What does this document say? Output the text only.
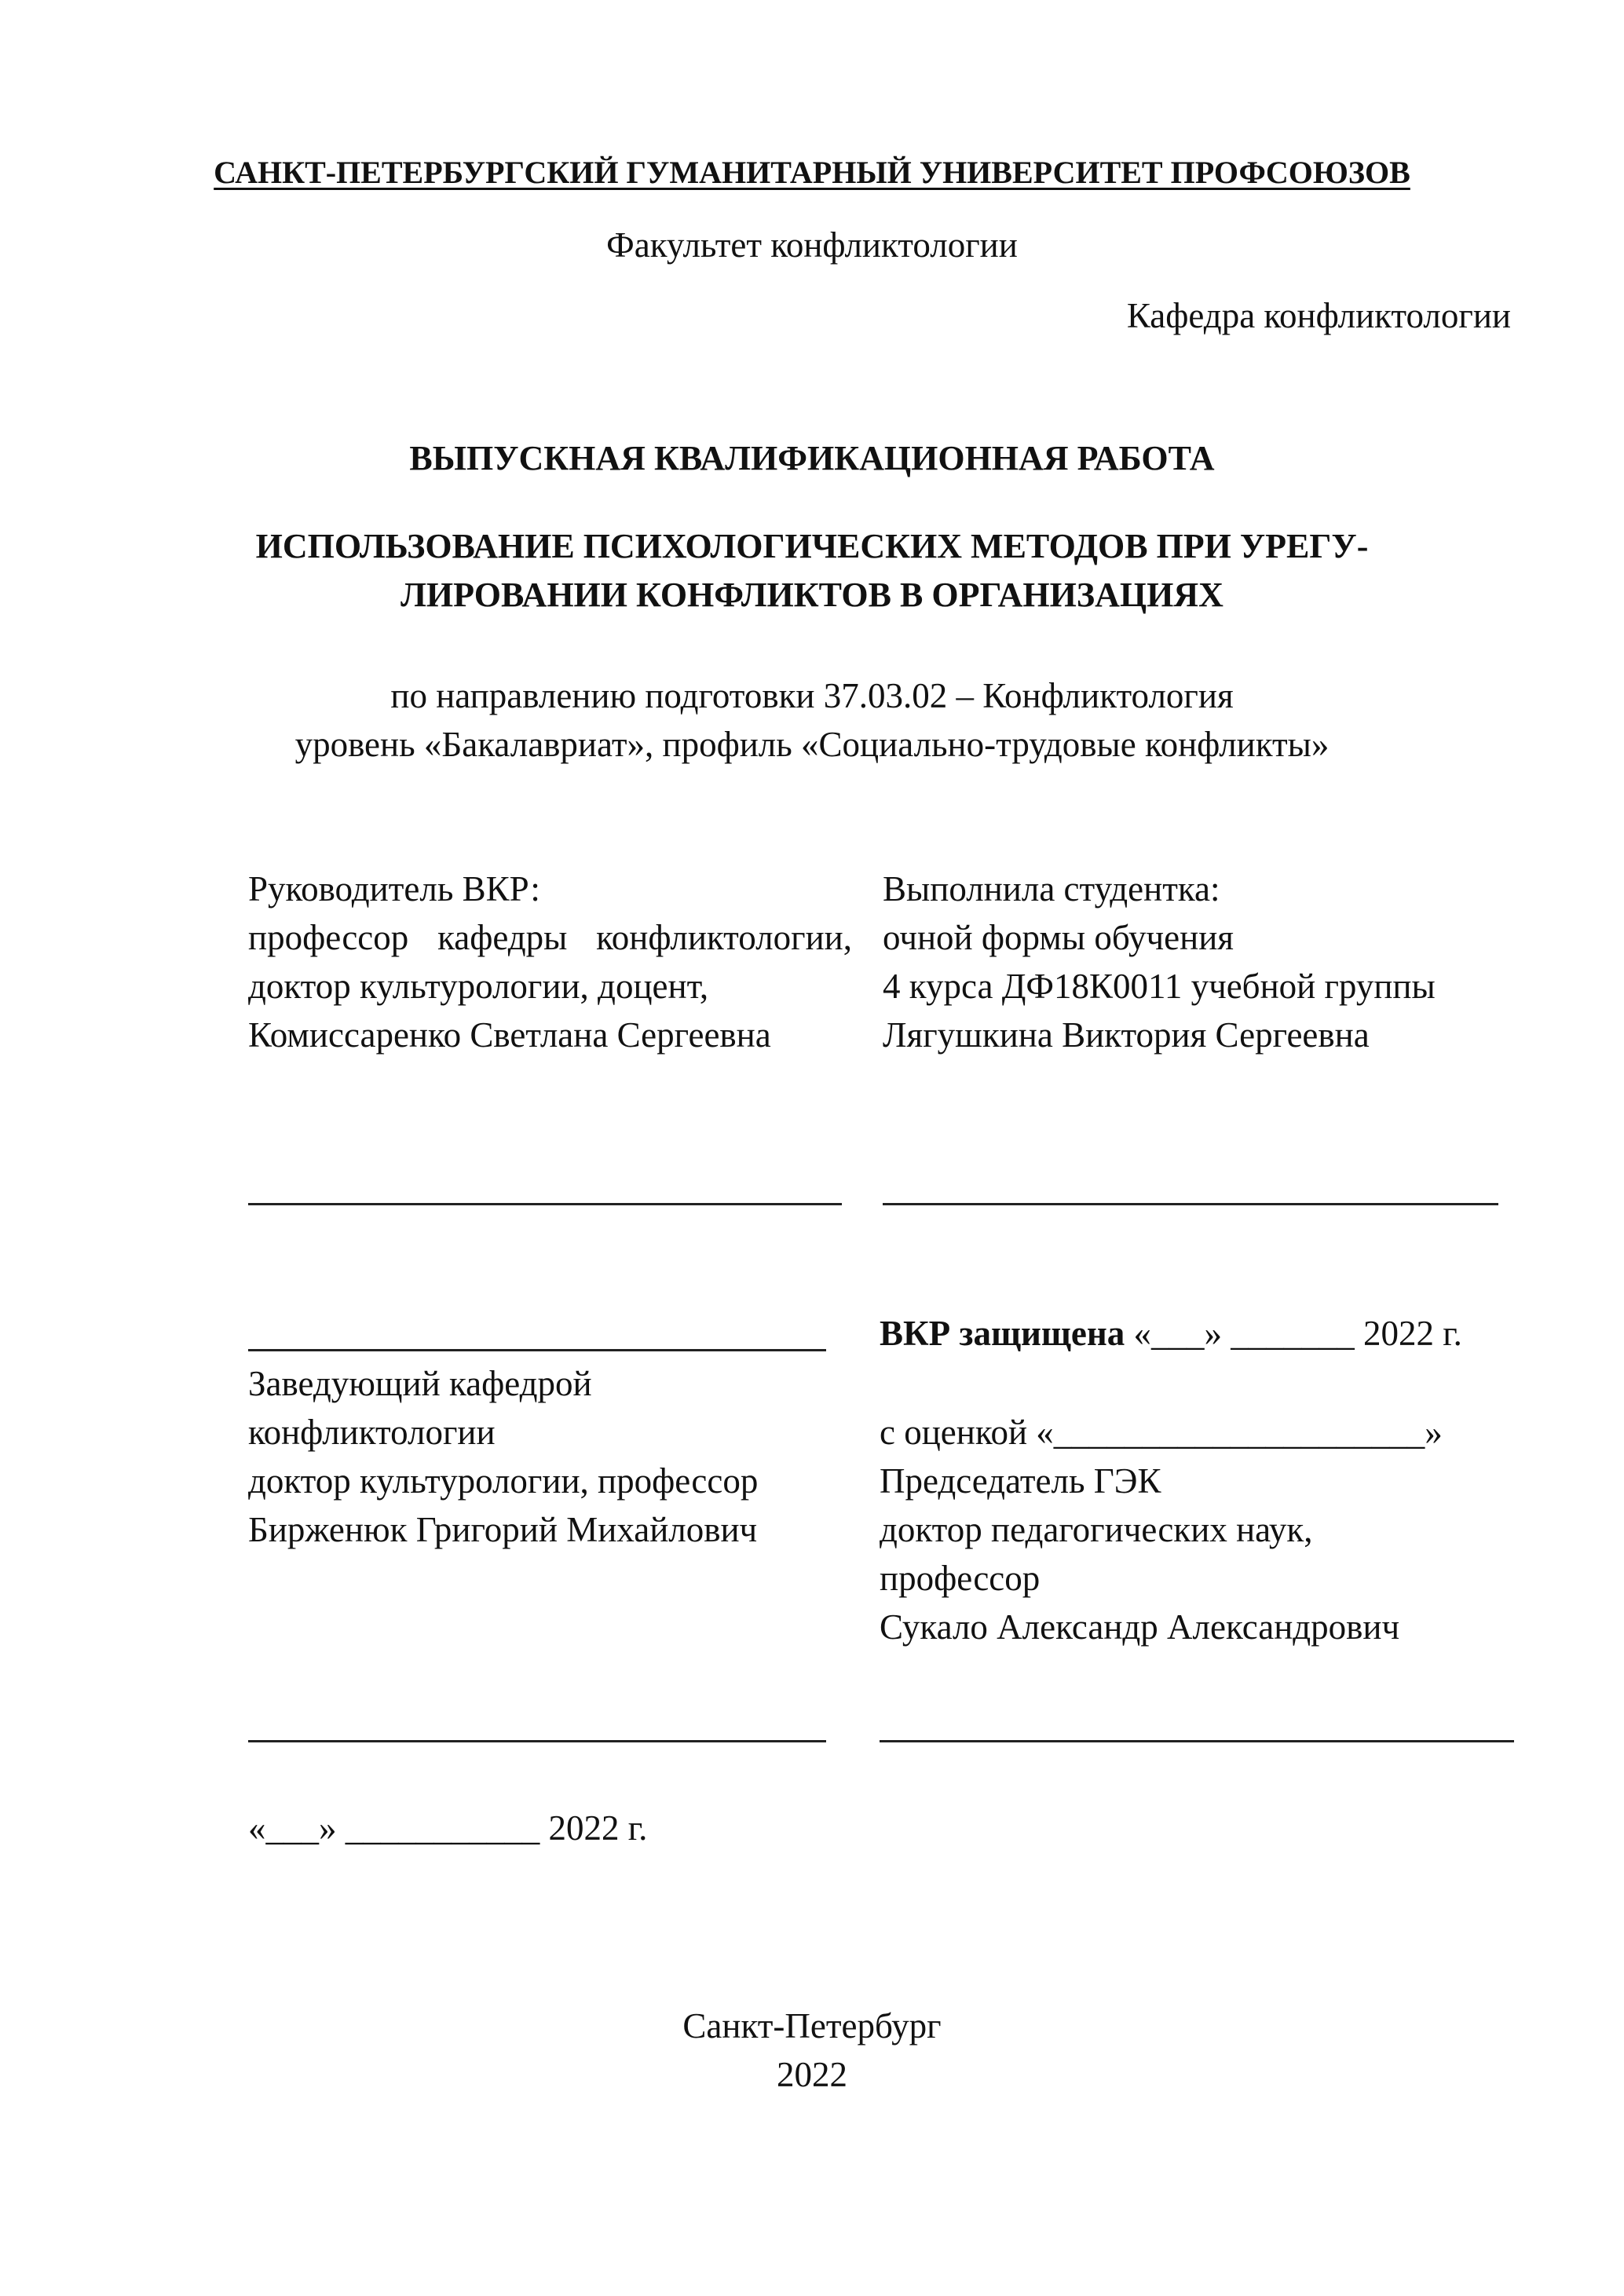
САНКТ-ПЕТЕРБУРГСКИЙ ГУМАНИТАРНЫЙ УНИВЕРСИТЕТ ПРОФСОЮЗОВ
Факультет конфликтологии
Кафедра конфликтологии
ВЫПУСКНАЯ КВАЛИФИКАЦИОННАЯ РАБОТА
ИСПОЛЬЗОВАНИЕ ПСИХОЛОГИЧЕСКИХ МЕТОДОВ ПРИ УРЕГУ-
ЛИРОВАНИИ КОНФЛИКТОВ В ОРГАНИЗАЦИЯХ
по направлению подготовки 37.03.02 – Конфликтология
уровень «Бакалавриат», профиль «Социально-трудовые конфликты»
Руководитель ВКР:
профессор кафедры конфликтологии,
доктор культурологии, доцент,
Комиссаренко Светлана Сергеевна
Выполнила студентка:
очной формы обучения
4 курса ДФ18К0011 учебной группы
Лягушкина Виктория Сергеевна
ВКР защищена «___» _______ 2022 г.
Заведующий кафедрой
конфликтологии
доктор культурологии, профессор
Бирженюк Григорий Михайлович
с оценкой «_____________________»
Председатель ГЭК
доктор педагогических наук,
профессор
Сукало Александр Александрович
«___» ___________ 2022 г.
Санкт-Петербург
2022
